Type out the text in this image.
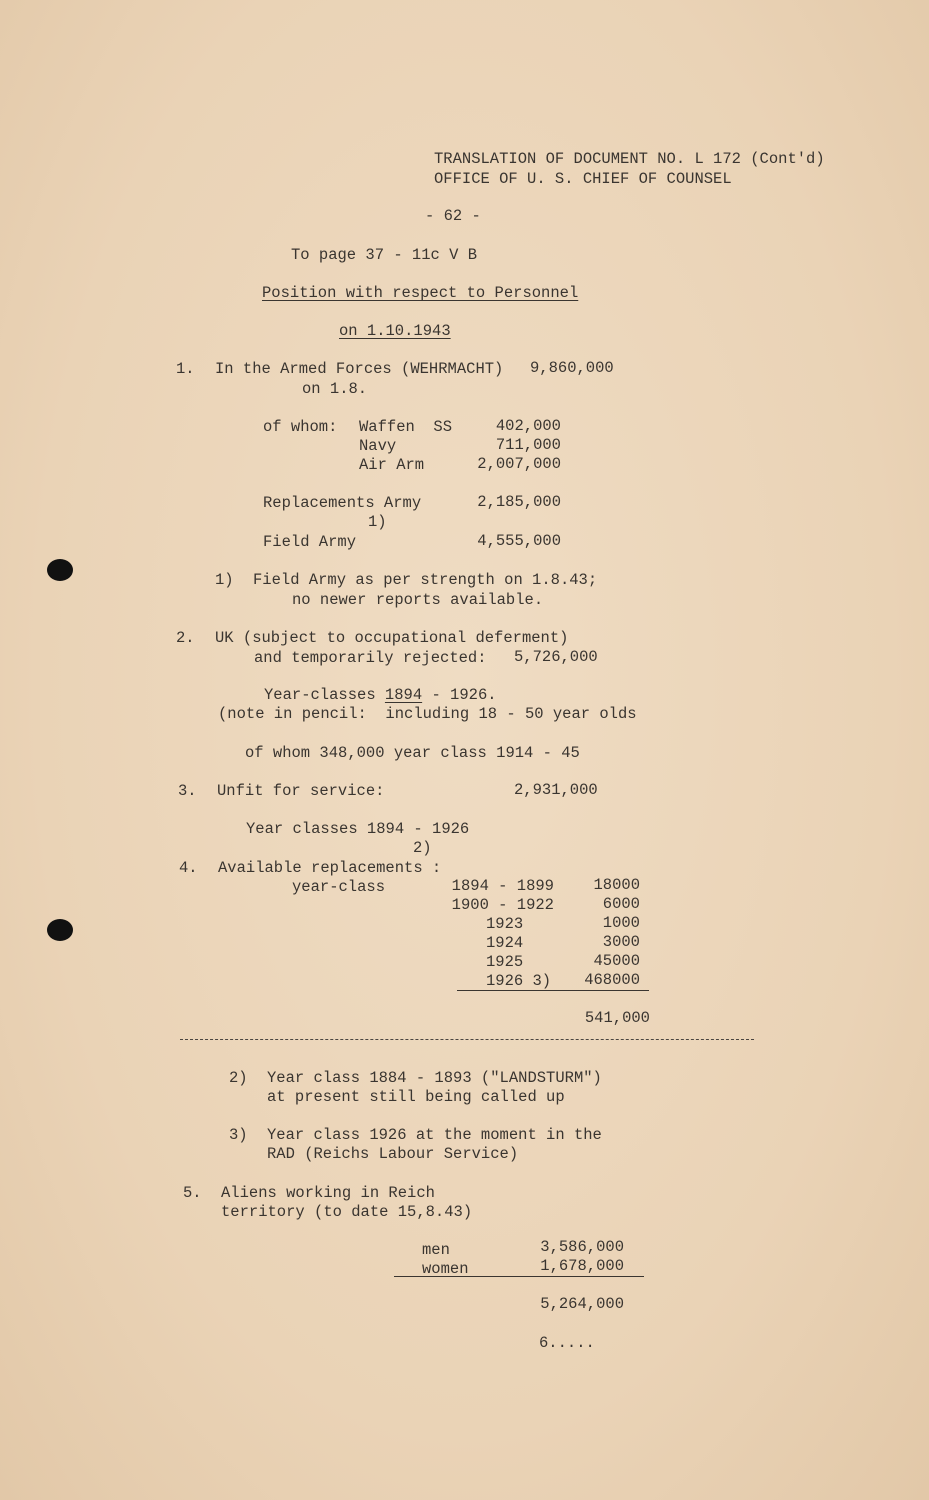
TRANSLATION OF DOCUMENT NO. L 172 (Cont'd)
OFFICE OF U. S. CHIEF OF COUNSEL
- 62 -
To page 37 - 11c V B
Position with respect to Personnel
on 1.10.1943
1. In the Armed Forces (WEHRMACHT) 9,860,000
on 1.8.
of whom: Waffen  SS	402,000
Navy	711,000
Air Arm	2,007,000
Replacements Army	2,185,000
1)
Field Army	4,555,000
1) Field Army as per strength on 1.8.43;
no newer reports available.
2. UK (subject to occupational deferment)
and temporarily rejected: 5,726,000
Year-classes 1894 - 1926.
(note in pencil:  including 18 - 50 year olds
of whom 348,000 year class 1914 - 45
3. Unfit for service:	2,931,000
Year classes 1894 - 1926
2)
4. Available replacements :
year-class	1894 - 1899	18000
1900 - 1922	6000
1923	1000
1924	3000
1925	45000
1926 3)	468000
541,000
2) Year class 1884 - 1893 ("LANDSTURM")
at present still being called up
3) Year class 1926 at the moment in the
RAD (Reichs Labour Service)
5. Aliens working in Reich
territory (to date 15,8.43)
men	3,586,000
women	1,678,000
5,264,000
6.....
